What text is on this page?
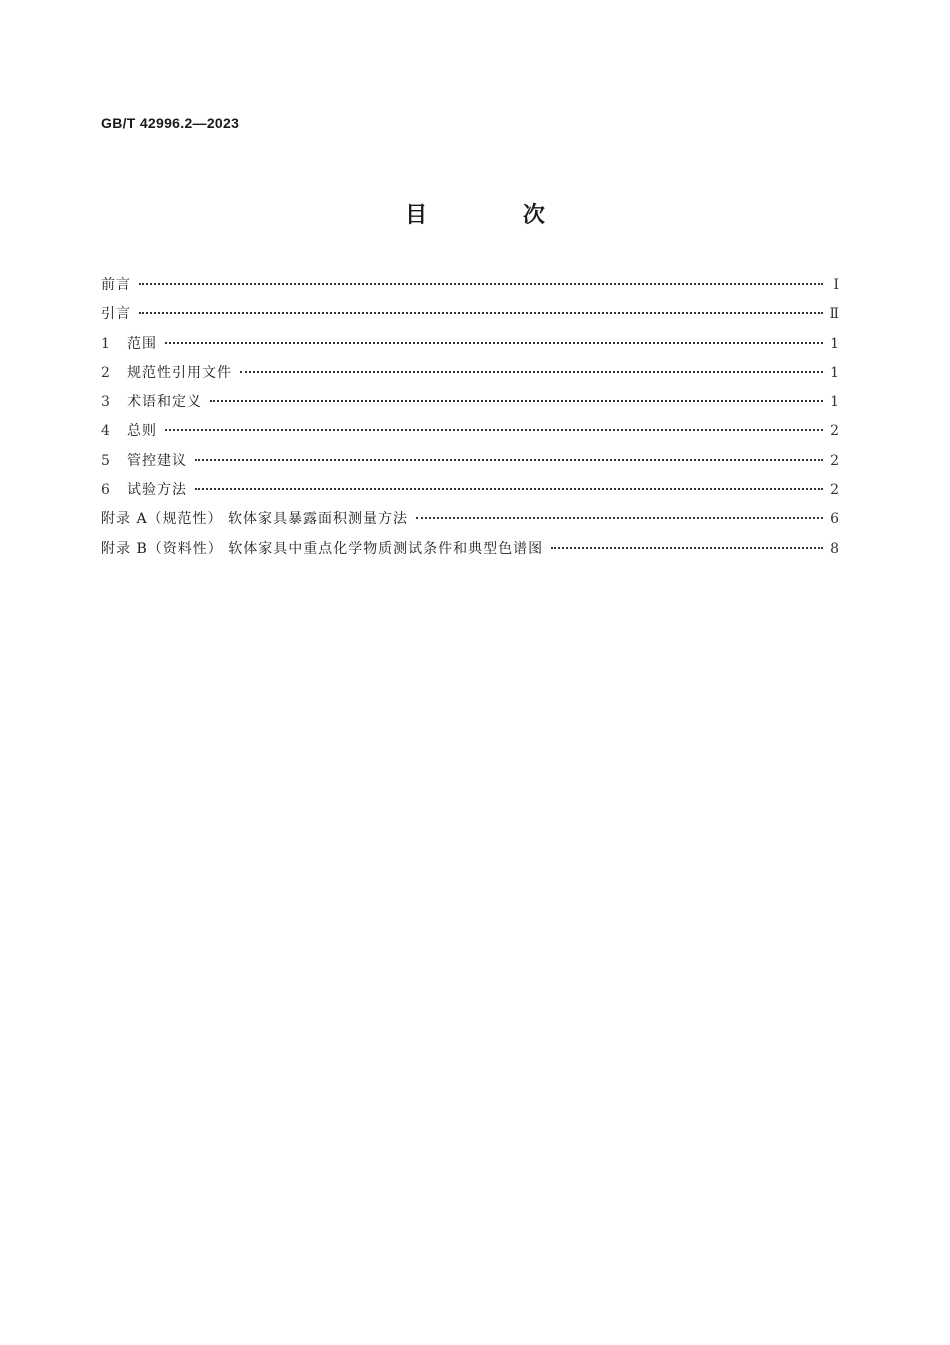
GB/T 42996.2—2023
目 次
前言	Ⅰ
引言	Ⅱ
1	范围	1
2	规范性引用文件	1
3	术语和定义	1
4	总则	2
5	管控建议	2
6	试验方法	2
附录 A（规范性） 软体家具暴露面积测量方法	6
附录 B（资料性） 软体家具中重点化学物质测试条件和典型色谱图	8
